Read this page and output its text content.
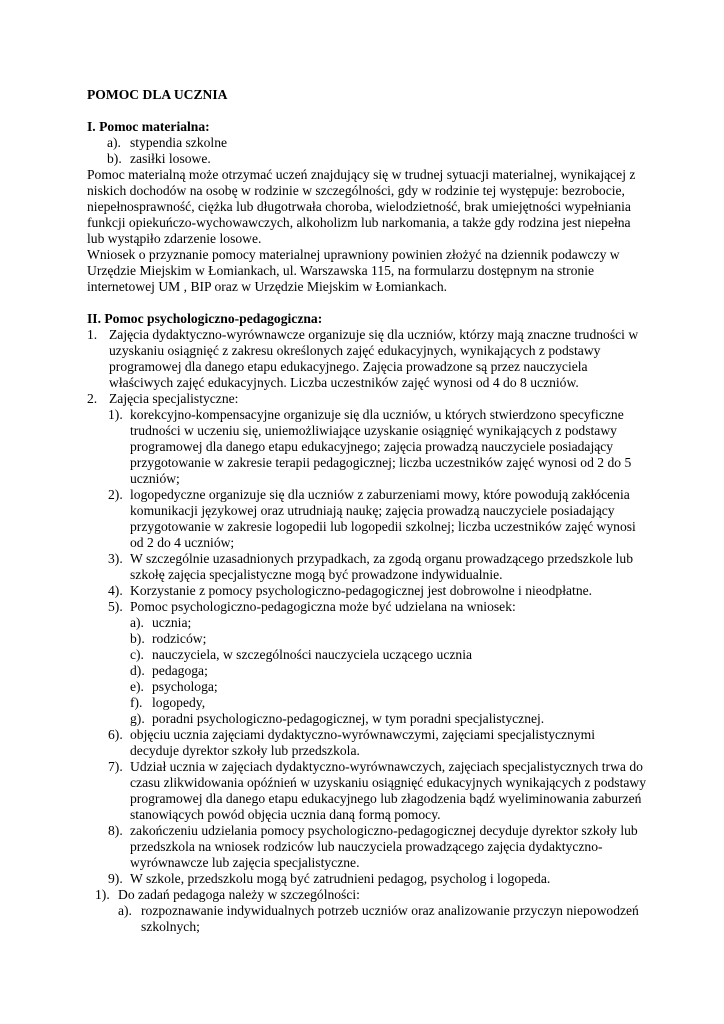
POMOC DLA UCZNIA
I. Pomoc materialna:
a). stypendia szkolne
b). zasiłki losowe.
Pomoc materialną może otrzymać uczeń znajdujący się w trudnej sytuacji materialnej, wynikającej z
niskich dochodów na osobę w rodzinie w szczególności, gdy w rodzinie tej występuje: bezrobocie,
niepełnosprawność, ciężka lub długotrwała choroba, wielodzietność, brak umiejętności wypełniania
funkcji opiekuńczo-wychowawczych, alkoholizm lub narkomania, a także gdy rodzina jest niepełna
lub wystąpiło zdarzenie losowe.
Wniosek o przyznanie pomocy materialnej uprawniony powinien złożyć na dziennik podawczy w
Urzędzie Miejskim w Łomiankach, ul. Warszawska 115, na formularzu dostępnym na stronie
internetowej UM , BIP oraz w Urzędzie Miejskim w Łomiankach.
II. Pomoc psychologiczno-pedagogiczna:
1. Zajęcia dydaktyczno-wyrównawcze organizuje się dla uczniów, którzy mają znaczne trudności w
uzyskaniu osiągnięć z zakresu określonych zajęć edukacyjnych, wynikających z podstawy
programowej dla danego etapu edukacyjnego. Zajęcia prowadzone są przez nauczyciela
właściwych zajęć edukacyjnych. Liczba uczestników zajęć wynosi od 4 do 8 uczniów.
2. Zajęcia specjalistyczne:
1). korekcyjno-kompensacyjne organizuje się dla uczniów, u których stwierdzono specyficzne
trudności w uczeniu się, uniemożliwiające uzyskanie osiągnięć wynikających z podstawy
programowej dla danego etapu edukacyjnego; zajęcia prowadzą nauczyciele posiadający
przygotowanie w zakresie terapii pedagogicznej; liczba uczestników zajęć wynosi od 2 do 5
uczniów;
2). logopedyczne organizuje się dla uczniów z zaburzeniami mowy, które powodują zakłócenia
komunikacji językowej oraz utrudniają naukę; zajęcia prowadzą nauczyciele posiadający
przygotowanie w zakresie logopedii lub logopedii szkolnej; liczba uczestników zajęć wynosi
od 2 do 4 uczniów;
3). W szczególnie uzasadnionych przypadkach, za zgodą organu prowadzącego przedszkole lub
szkołę zajęcia specjalistyczne mogą być prowadzone indywidualnie.
4). Korzystanie z pomocy psychologiczno-pedagogicznej jest dobrowolne i nieodpłatne.
5). Pomoc psychologiczno-pedagogiczna może być udzielana na wniosek:
a). ucznia;
b). rodziców;
c). nauczyciela, w szczególności nauczyciela uczącego ucznia
d). pedagoga;
e). psychologa;
f). logopedy,
g). poradni psychologiczno-pedagogicznej, w tym poradni specjalistycznej.
6). objęciu ucznia zajęciami dydaktyczno-wyrównawczymi, zajęciami specjalistycznymi
decyduje dyrektor szkoły lub przedszkola.
7). Udział ucznia w zajęciach dydaktyczno-wyrównawczych, zajęciach specjalistycznych trwa do
czasu zlikwidowania opóźnień w uzyskaniu osiągnięć edukacyjnych wynikających z podstawy
programowej dla danego etapu edukacyjnego lub złagodzenia bądź wyeliminowania zaburzeń
stanowiących powód objęcia ucznia daną formą pomocy.
8). zakończeniu udzielania pomocy psychologiczno-pedagogicznej decyduje dyrektor szkoły lub
przedszkola na wniosek rodziców lub nauczyciela prowadzącego zajęcia dydaktyczno-
wyrównawcze lub zajęcia specjalistyczne.
9). W szkole, przedszkolu mogą być zatrudnieni pedagog, psycholog i logopeda.
1). Do zadań pedagoga należy w szczególności:
a). rozpoznawanie indywidualnych potrzeb uczniów oraz analizowanie przyczyn niepowodzeń
szkolnych;
